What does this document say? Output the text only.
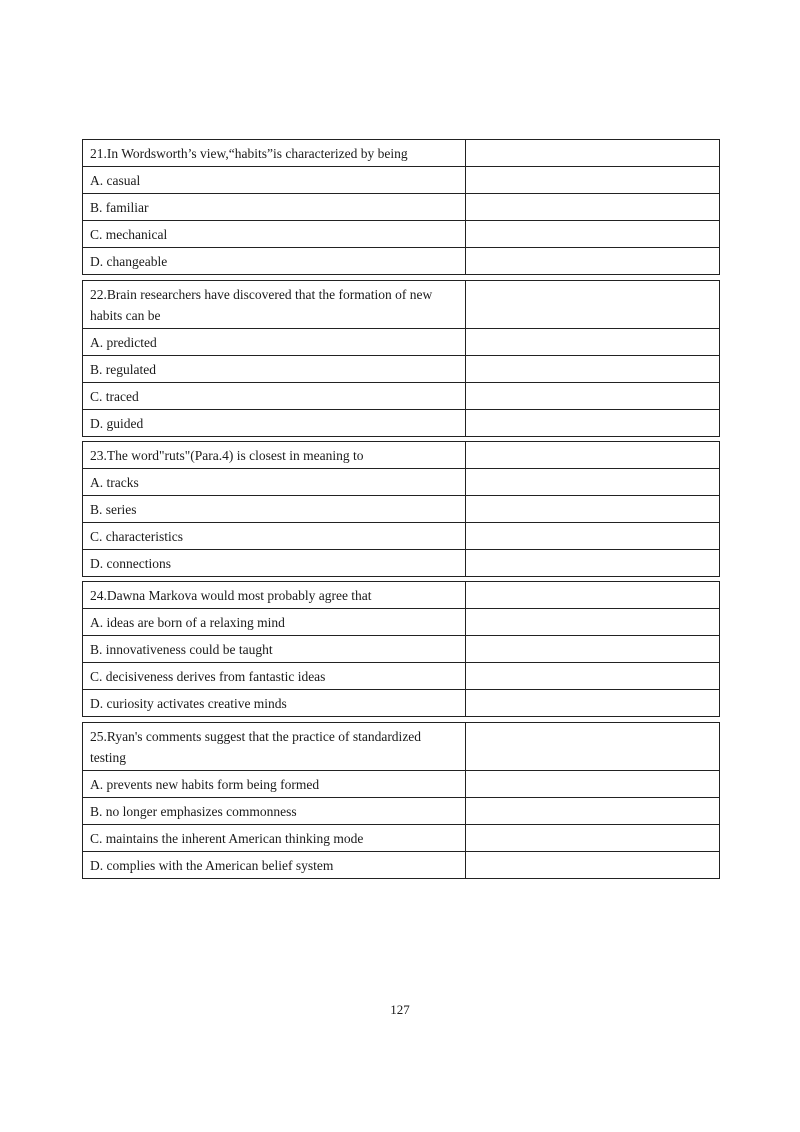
21.In Wordsworth’s view,“habits”is characterized by being	
A. casual	
B. familiar	
C. mechanical	
D. changeable	
22.Brain researchers have discovered that the formation of new habits can be	
A. predicted	
B. regulated	
C. traced	
D. guided	
23.The word"ruts"(Para.4) is closest in meaning to	
A. tracks	
B. series	
C. characteristics	
D. connections	
24.Dawna Markova would most probably agree that	
A. ideas are born of a relaxing mind	
B. innovativeness could be taught	
C. decisiveness derives from fantastic ideas	
D. curiosity activates creative minds	
25.Ryan's comments suggest that the practice of standardized testing	
A. prevents new habits form being formed	
B. no longer emphasizes commonness	
C. maintains the inherent American thinking mode	
D. complies with the American belief system	
127
